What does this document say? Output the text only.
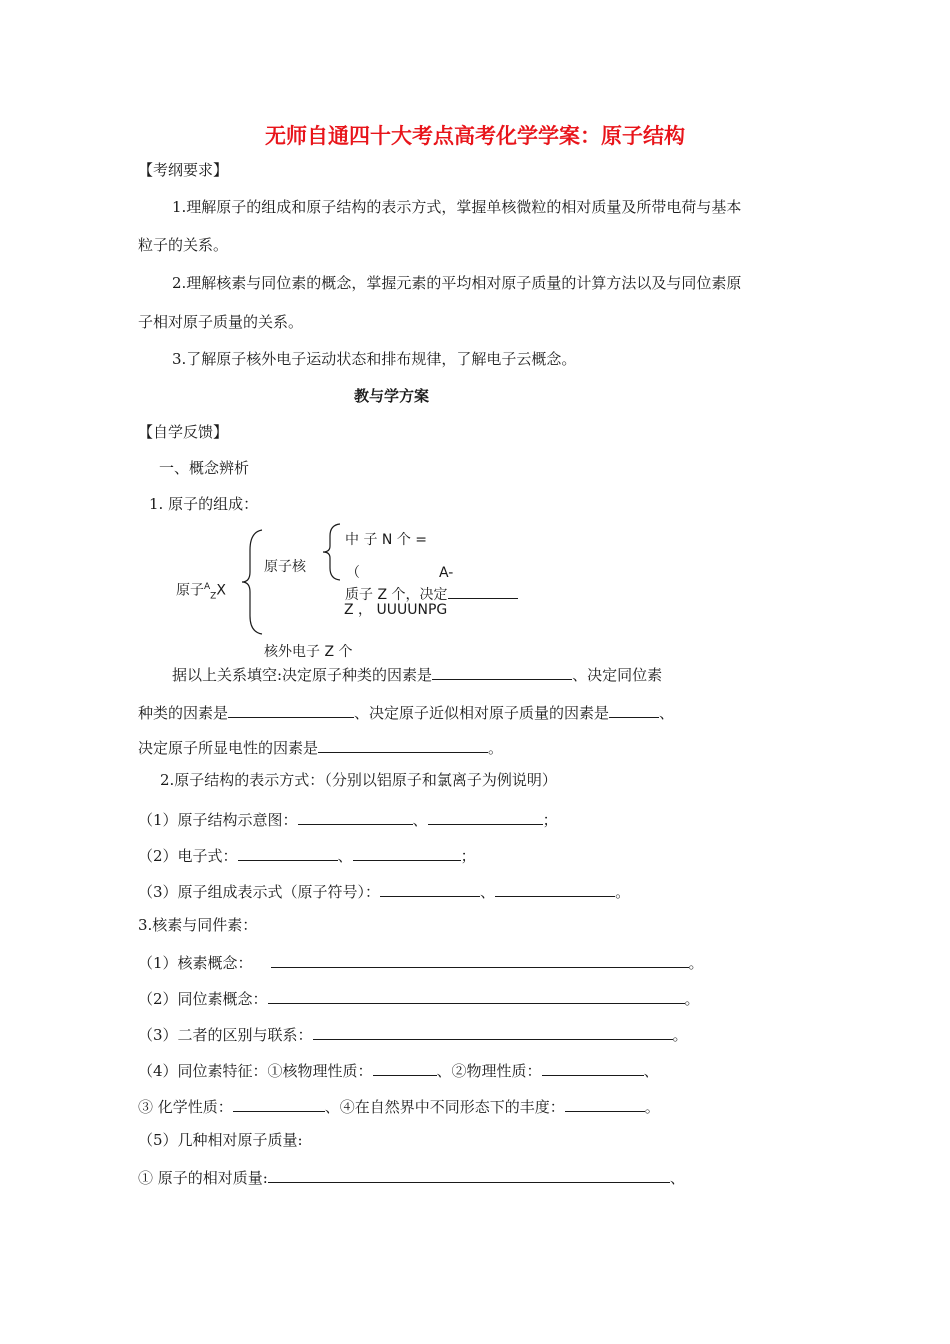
无师自通四十大考点高考化学学案：原子结构
【考纲要求】
1.理解原子的组成和原子结构的表示方式，掌握单核微粒的相对质量及所带电荷与基本
粒子的关系。
2.理解核素与同位素的概念，掌握元素的平均相对原子质量的计算方法以及与同位素原
子相对原子质量的关系。
3.了解原子核外电子运动状态和排布规律，了解电子云概念。
教与学方案
【自学反馈】
一、概念辨析
1. 原子的组成：
原子$^A_Z$X
原子核
中 子 N 个 =
（	A-
质子 Z 个，决定
Z ， UUUUNPG
核外电子 Z 个
据以上关系填空:决定原子种类的因素是	、决定同位素
种类的因素是	、决定原子近似相对原子质量的因素是	、
决定原子所显电性的因素是	。
2.原子结构的表示方式：（分别以铝原子和氯离子为例说明）
（1）原子结构示意图：	、	；
（2）电子式：	、	；
（3）原子组成表示式（原子符号）：	、	。
3.核素与同件素：
（1）核素概念：	。
（2）同位素概念：	。
（3）二者的区别与联系：	。
（4）同位素特征：①核物理性质：	、②物理性质：	、
③ 化学性质：	、④在自然界中不同形态下的丰度：	。
（5）几种相对原子质量:
① 原子的相对质量:	、
